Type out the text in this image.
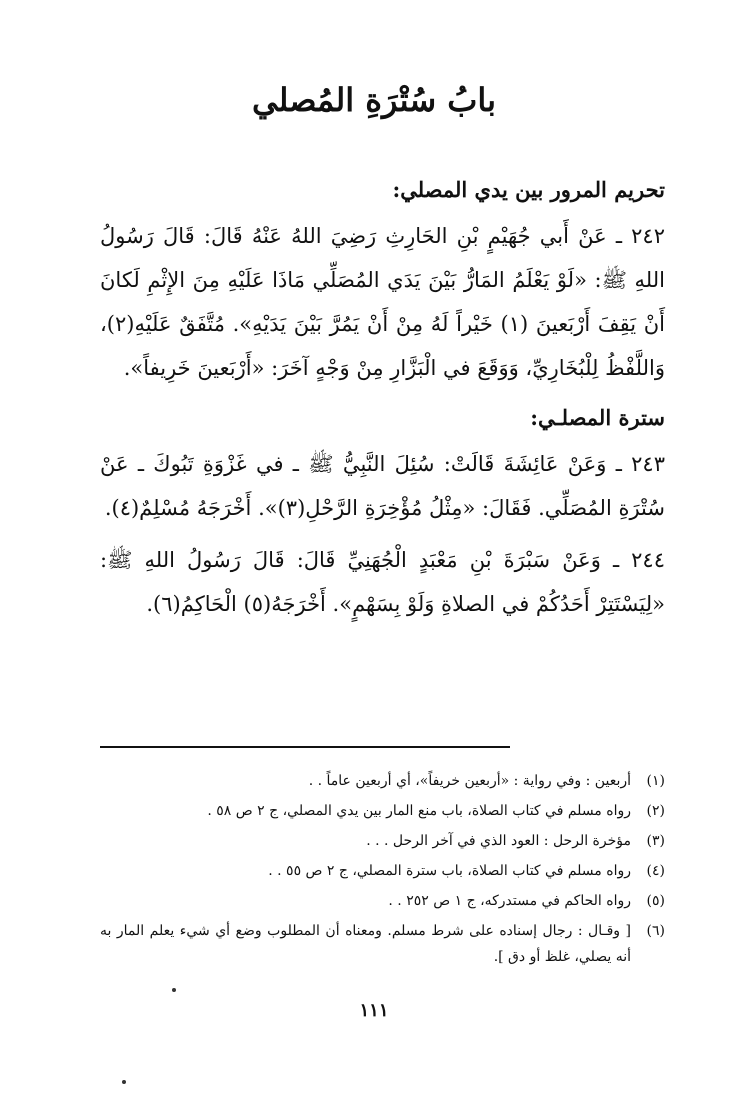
بابُ سُتْرَةِ المُصلي
تحريم المرور بين يدي المصلي:

٢٤٢ ـ عَنْ أَبي جُهَيْمٍ بْنِ الحَارِثِ رَضِيَ اللهُ عَنْهُ قَالَ: قَالَ رَسُولُ اللهِ ﷺ: «لَوْ يَعْلَمُ المَارُّ بَيْنَ يَدَي المُصَلِّي مَاذَا عَلَيْهِ مِنَ الإِثْمِ لَكانَ أَنْ يَقِفَ أَرْبَعينَ (١) خَيْراً لَهُ مِنْ أَنْ يَمُرَّ بَيْنَ يَدَيْهِ». مُتَّفَقٌ عَلَيْهِ(٢)، وَاللَّفْظُ لِلْبُخَارِيِّ، وَوَقَعَ في الْبَزَّارِ مِنْ وَجْهٍ آخَرَ: «أَرْبَعينَ خَرِيفاً».

سترة المصلـي:

٢٤٣ ـ وَعَنْ عَائِشَةَ قَالَتْ: سُئِلَ النَّبِيُّ ﷺ ـ في غَزْوَةِ تَبُوكَ ـ عَنْ سُتْرَةِ المُصَلِّي. فَقَالَ: «مِثْلُ مُؤْخِرَةِ الرَّحْلِ(٣)». أَخْرَجَهُ مُسْلِمٌ(٤).

٢٤٤ ـ وَعَنْ سَبْرَةَ بْنِ مَعْبَدٍ الْجُهَنِيِّ قَالَ: قَالَ رَسُولُ اللهِ ﷺ: «لِيَسْتَتِرْ أَحَدُكُمْ في الصلاةِ وَلَوْ بِسَهْمٍ». أَخْرَجَهُ(٥) الْحَاكِمُ(٦).

(١)
أربعين : وفي رواية : «أربعين خريفاً»، أي أربعين عاماً . .
(٢)
رواه مسلم في كتاب الصلاة، باب منع المار بين يدي المصلي، ج ٢ ص ٥٨ .
(٣)
مؤخرة الرحل : العود الذي في آخر الرحل . . .
(٤)
رواه مسلم في كتاب الصلاة، باب سترة المصلي، ج ٢ ص ٥٥ . .
(٥)
رواه الحاكم في مستدركه، ج ١ ص ٢٥٢ . .
(٦)
[ وقـال : رجال إسناده على شرط مسلم. ومعناه أن المطلوب وضع أي شيء يعلم المار به أنه يصلي، غلظ أو دق ].
١١١
